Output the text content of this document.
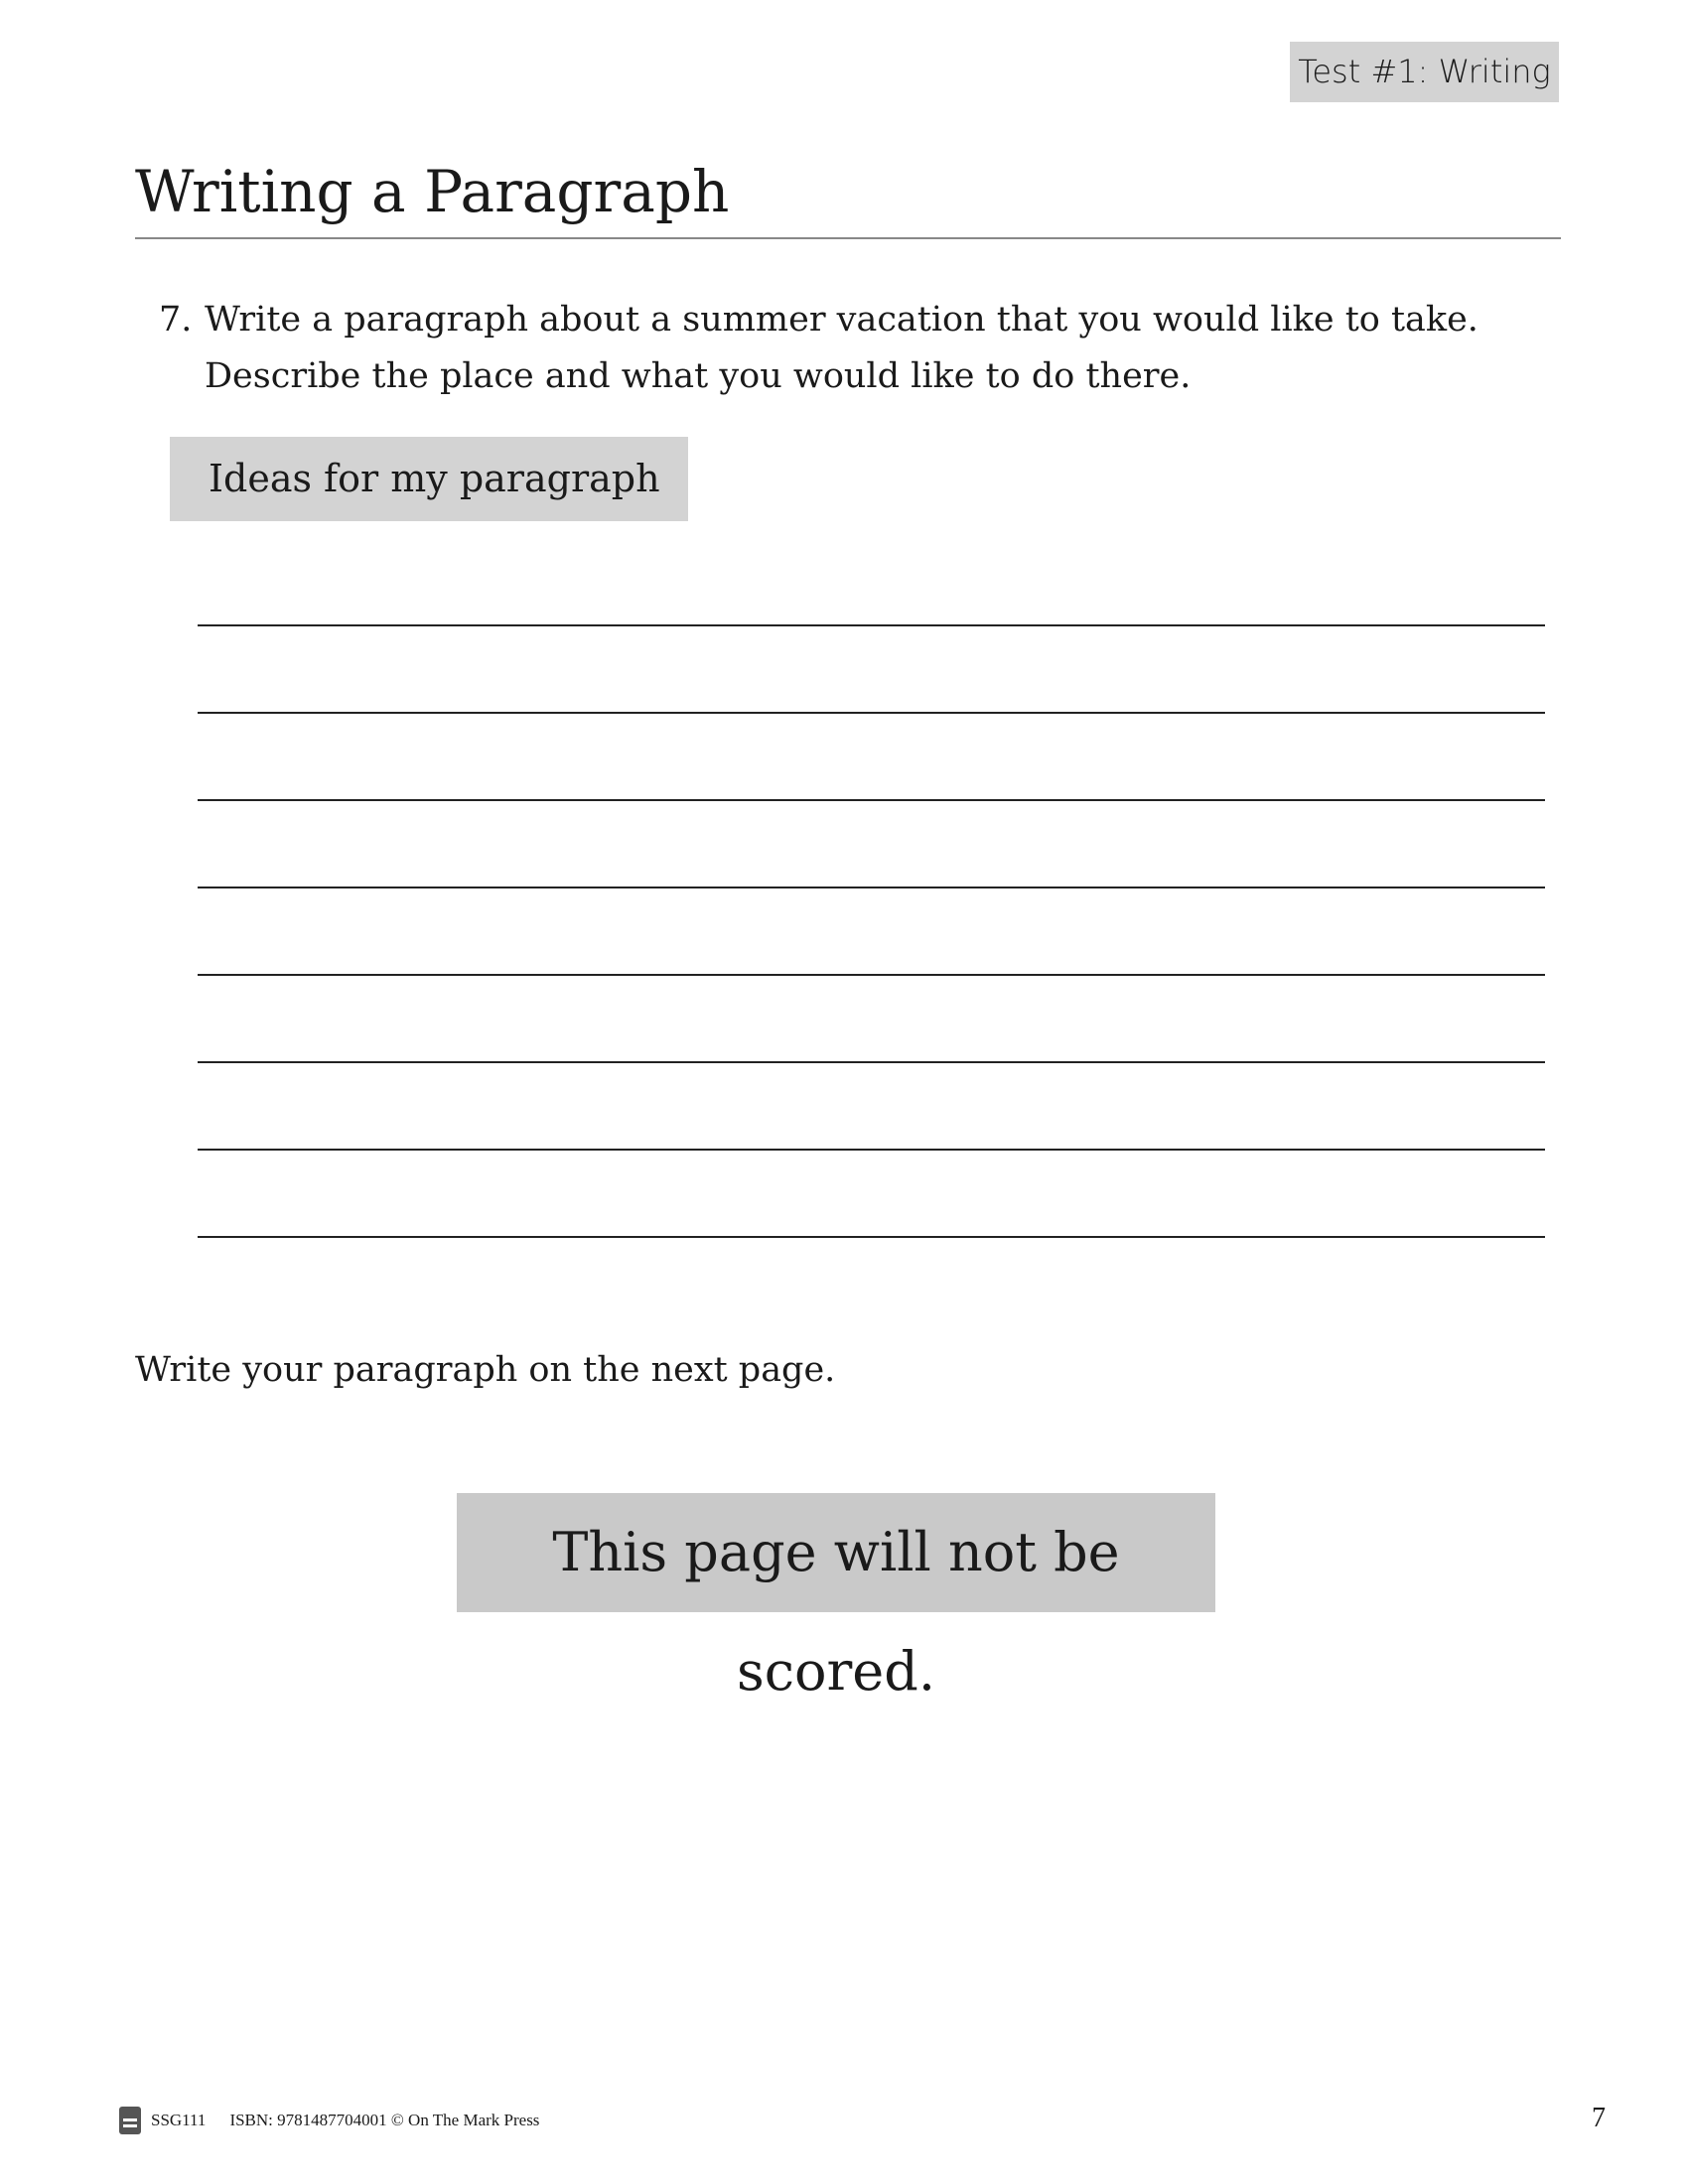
Test #1: Writing
Writing a Paragraph
7. Write a paragraph about a summer vacation that you would like to take. Describe the place and what you would like to do there.
Ideas for my paragraph
Write your paragraph on the next page.
This page will not be scored.
SSG111 ISBN: 9781487704001 © On The Mark Press	7
